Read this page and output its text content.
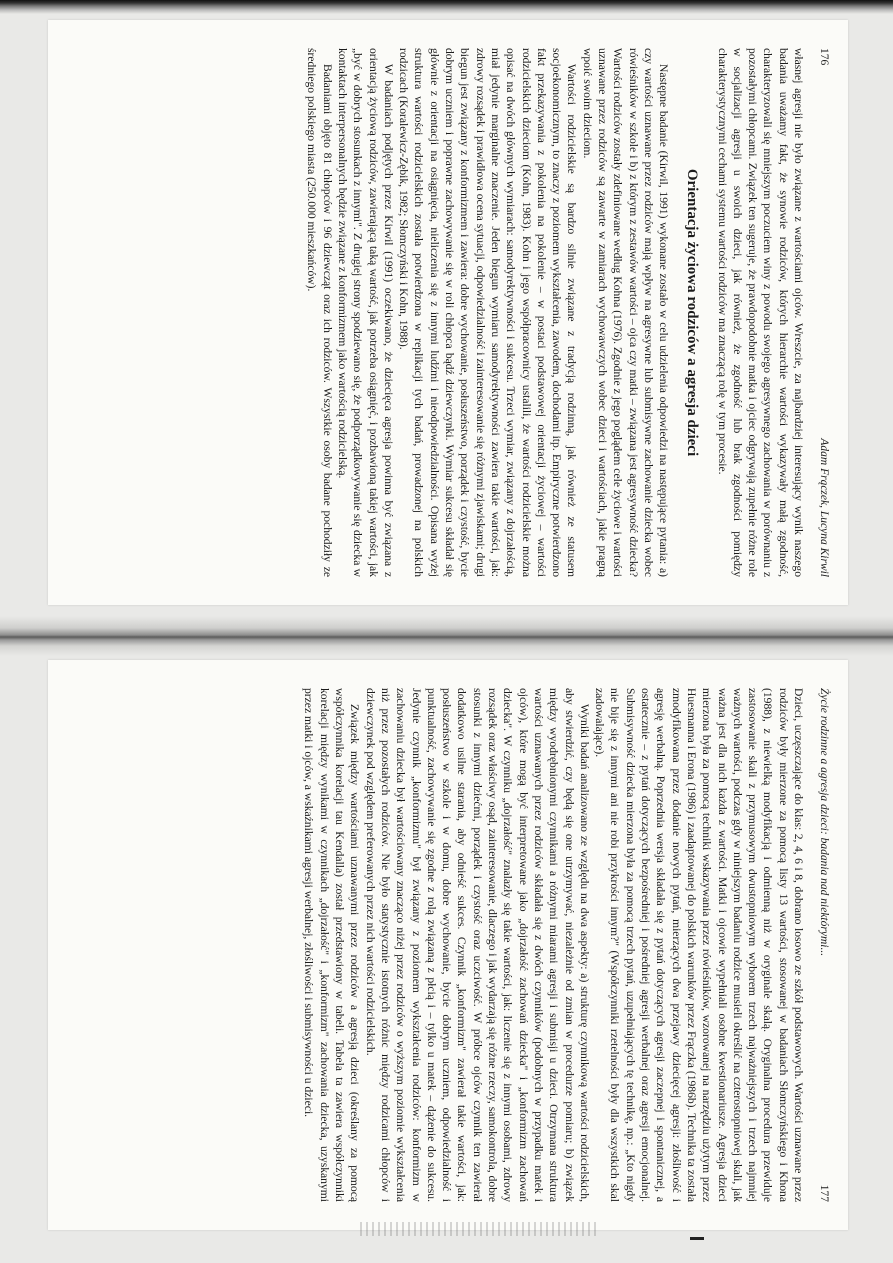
176
Adam Frączek, Lucyna Kirwil

własnej agresji nie było związane z wartościami ojców. Wreszcie, za najbardziej interesujący wynik naszego badania uważamy fakt, że synowie rodziców, których hierarchie wartości wykazywały małą zgodność, charakteryzowali się mniejszym poczuciem winy z powodu swojego agresywnego zachowania w porównaniu z pozostałymi chłopcami. Związek ten sugeruje, że prawdopodobnie matka i ojciec odgrywają zupełnie różne role w socjalizacji agresji u swoich dzieci, jak również, że zgodność lub brak zgodności pomiędzy charakterystycznymi cechami systemu wartości rodziców ma znaczącą rolę w tym procesie.

Orientacja życiowa rodziców a agresja dzieci

Następne badanie (Kirwil, 1991) wykonane zostało w celu udzielenia odpowiedzi na następujące pytania: a) czy wartości uznawane przez rodziców mają wpływ na agresywne lub submisywne zachowanie dziecka wobec rówieśników w szkole i b) z którym z zestawów wartości – ojca czy matki – związana jest agresywność dziecka? Wartości rodziców zostały zdefiniowane według Kohna (1976). Zgodnie z jego poglądem cele życiowe i wartości uznawane przez rodziców są zawarte w zamiarach wychowawczych wobec dzieci i wartościach, jakie pragną wpoić swoim dzieciom.

Wartości rodzicielskie są bardzo silnie związane z tradycją rodzinną, jak również ze statusem socjoekonomicznym, to znaczy z poziomem wykształcenia, zawodem, dochodami itp. Empiryczne potwierdzono fakt przekazywania z pokolenia na pokolenie – w postaci podstawowej orientacji życiowej – wartości rodzicielskich dzieciom (Kohn, 1983). Kohn i jego współpracownicy ustalili, że wartości rodzicielskie można opisać na dwóch głównych wymiarach: samodyrektywności i sukcesu. Trzeci wymiar, związany z dojrzałością, miał jedynie marginalne znaczenie. Jeden biegun wymiaru samodyrektywności zawiera takie wartości, jak: zdrowy rozsądek i prawidłowa ocena sytuacji, odpowiedzialność i zainteresowanie się różnymi zjawiskami; drugi biegun jest związany z konformizmem i zawiera: dobre wychowanie, posłuszeństwo, porządek i czystość, bycie dobrym uczniem i poprawne zachowywanie się w roli chłopca bądź dziewczynki. Wymiar sukcesu składał się głównie z orientacji na osiągnięcia, nieliczenia się z innymi ludźmi i nieodpowiedzialności. Opisana wyżej struktura wartości rodzicielskich została potwierdzona w replikacji tych badań, prowadzonej na polskich rodzicach (Koralewicz-Zębik, 1982; Słomczyński i Kohn, 1988).

W badaniach podjętych przez Kirwil (1991) oczekiwano, że dziecięca agresja powinna być związana z orientacją życiową rodziców, zawierającą taką wartość, jak potrzeba osiągnięć, i pozbawioną takiej wartości, jak „być w dobrych stosunkach z innymi". Z drugiej strony spodziewano się, że podporządkowywanie się dziecka w kontaktach interpersonalnych będzie związane z konformizmem jako wartością rodzicielską.

Badaniami objęto 81 chłopców i 96 dziewcząt oraz ich rodziców. Wszystkie osoby badane pochodziły ze średniego polskiego miasta (250.000 mieszkańców).

Życie rodzinne a agresja dzieci: badania nad niektórymi...
177

Dzieci, uczęszczające do klas: 2, 4, 6 i 8, dobrano losowo ze szkół podstawowych. Wartości uznawane przez rodziców były mierzone za pomocą listy 13 wartości, stosowanej w badaniach Słomczyńskiego i Khona (1988), z niewielką modyfikacją i odmienną niż w oryginale skalą. Oryginalna procedura przewiduje zastosowanie skali z przymusowym dwustopniowym wyborem trzech najważniejszych i trzech najmniej ważnych wartości, podczas gdy w niniejszym badaniu rodzice musieli określić na czterostopniowej skali, jak ważna jest dla nich każda z wartości. Matki i ojcowie wypełniali osobne kwestionariusze. Agresja dzieci mierzona była za pomocą techniki wskazywania przez rówieśników, wzorowanej na narzędziu użytym przez Huesmanna i Erona (1986) i zaadaptowanej do polskich warunków przez Frączka (1986b). Technika ta została zmodyfikowana przez dodanie nowych pytań, mierzących dwa przejawy dziecięcej agresji: złośliwość i agresję werbalną. Poprzednia wersja składała się z pytań dotyczących agresji zaczepnej i spontanicznej, a ostatecznie – z pytań dotyczących bezpośredniej i pośredniej agresji werbalnej oraz agresji emocjonalnej. Submisywność dziecka mierzona była za pomocą trzech pytań, uzupełniających tę technikę, np.: „Kto nigdy nie bije się z innymi ani nie robi przykrości innym?" (Współczynniki rzetelności były dla wszystkich skal zadowalające).

Wyniki badań analizowano ze względu na dwa aspekty: a) strukturę czynnikową wartości rodzicielskich, aby stwierdzić, czy będą się one utrzymywać, niezależnie od zmian w procedurze pomiaru; b) związek między wyodrębnionymi czynnikami a różnymi miarami agresji i submisji u dzieci. Otrzymana struktura wartości uznawanych przez rodziców składała się z dwóch czynników (podobnych w przypadku matek i ojców), które mogą być interpretowane jako „dojrzałość zachowań dziecka" i „konformizm zachowań dziecka". W czynniku „dojrzałość" znalazły się takie wartości, jak: liczenie się z innymi osobami, zdrowy rozsądek oraz właściwy osąd, zainteresowanie, dlaczego i jak wydarzają się różne rzeczy, samokontrola, dobre stosunki z innymi dziećmi, porządek i czystość oraz uczciwość. W próbce ojców czynnik ten zawierał dodatkowo usilne starania, aby odnieść sukces. Czynnik „konformizm" zawierał takie wartości, jak: posłuszeństwo w szkole i w domu, dobre wychowanie, bycie dobrym uczniem, odpowiedzialność i punktualność, zachowywanie się zgodne z rolą związaną z płcią i – tylko u matek – dążenie do sukcesu. Jedynie czynnik „konformizmu" był związany z poziomem wykształcenia rodziców: konformizm w zachowaniu dziecka był wartościowany znacząco niżej przez rodziców o wyższym poziomie wykształcenia niż przez pozostałych rodziców. Nie było statystycznie istotnych różnic między rodzicami chłopców i dziewczynek pod względem preferowanych przez nich wartości rodzicielskich.

Związek między wartościami uznawanymi przez rodziców a agresją dzieci (określany za pomocą współczynnika korelacji tau Kendalla) został przedstawiony w tabeli. Tabela ta zawiera współczynniki korelacji między wynikami w czynnikach „dojrzałość" i „konformizm" zachowania dziecka, uzyskanymi przez matki i ojców, a wskaźnikami agresji werbalnej, złośliwości i submisywności u dzieci.
